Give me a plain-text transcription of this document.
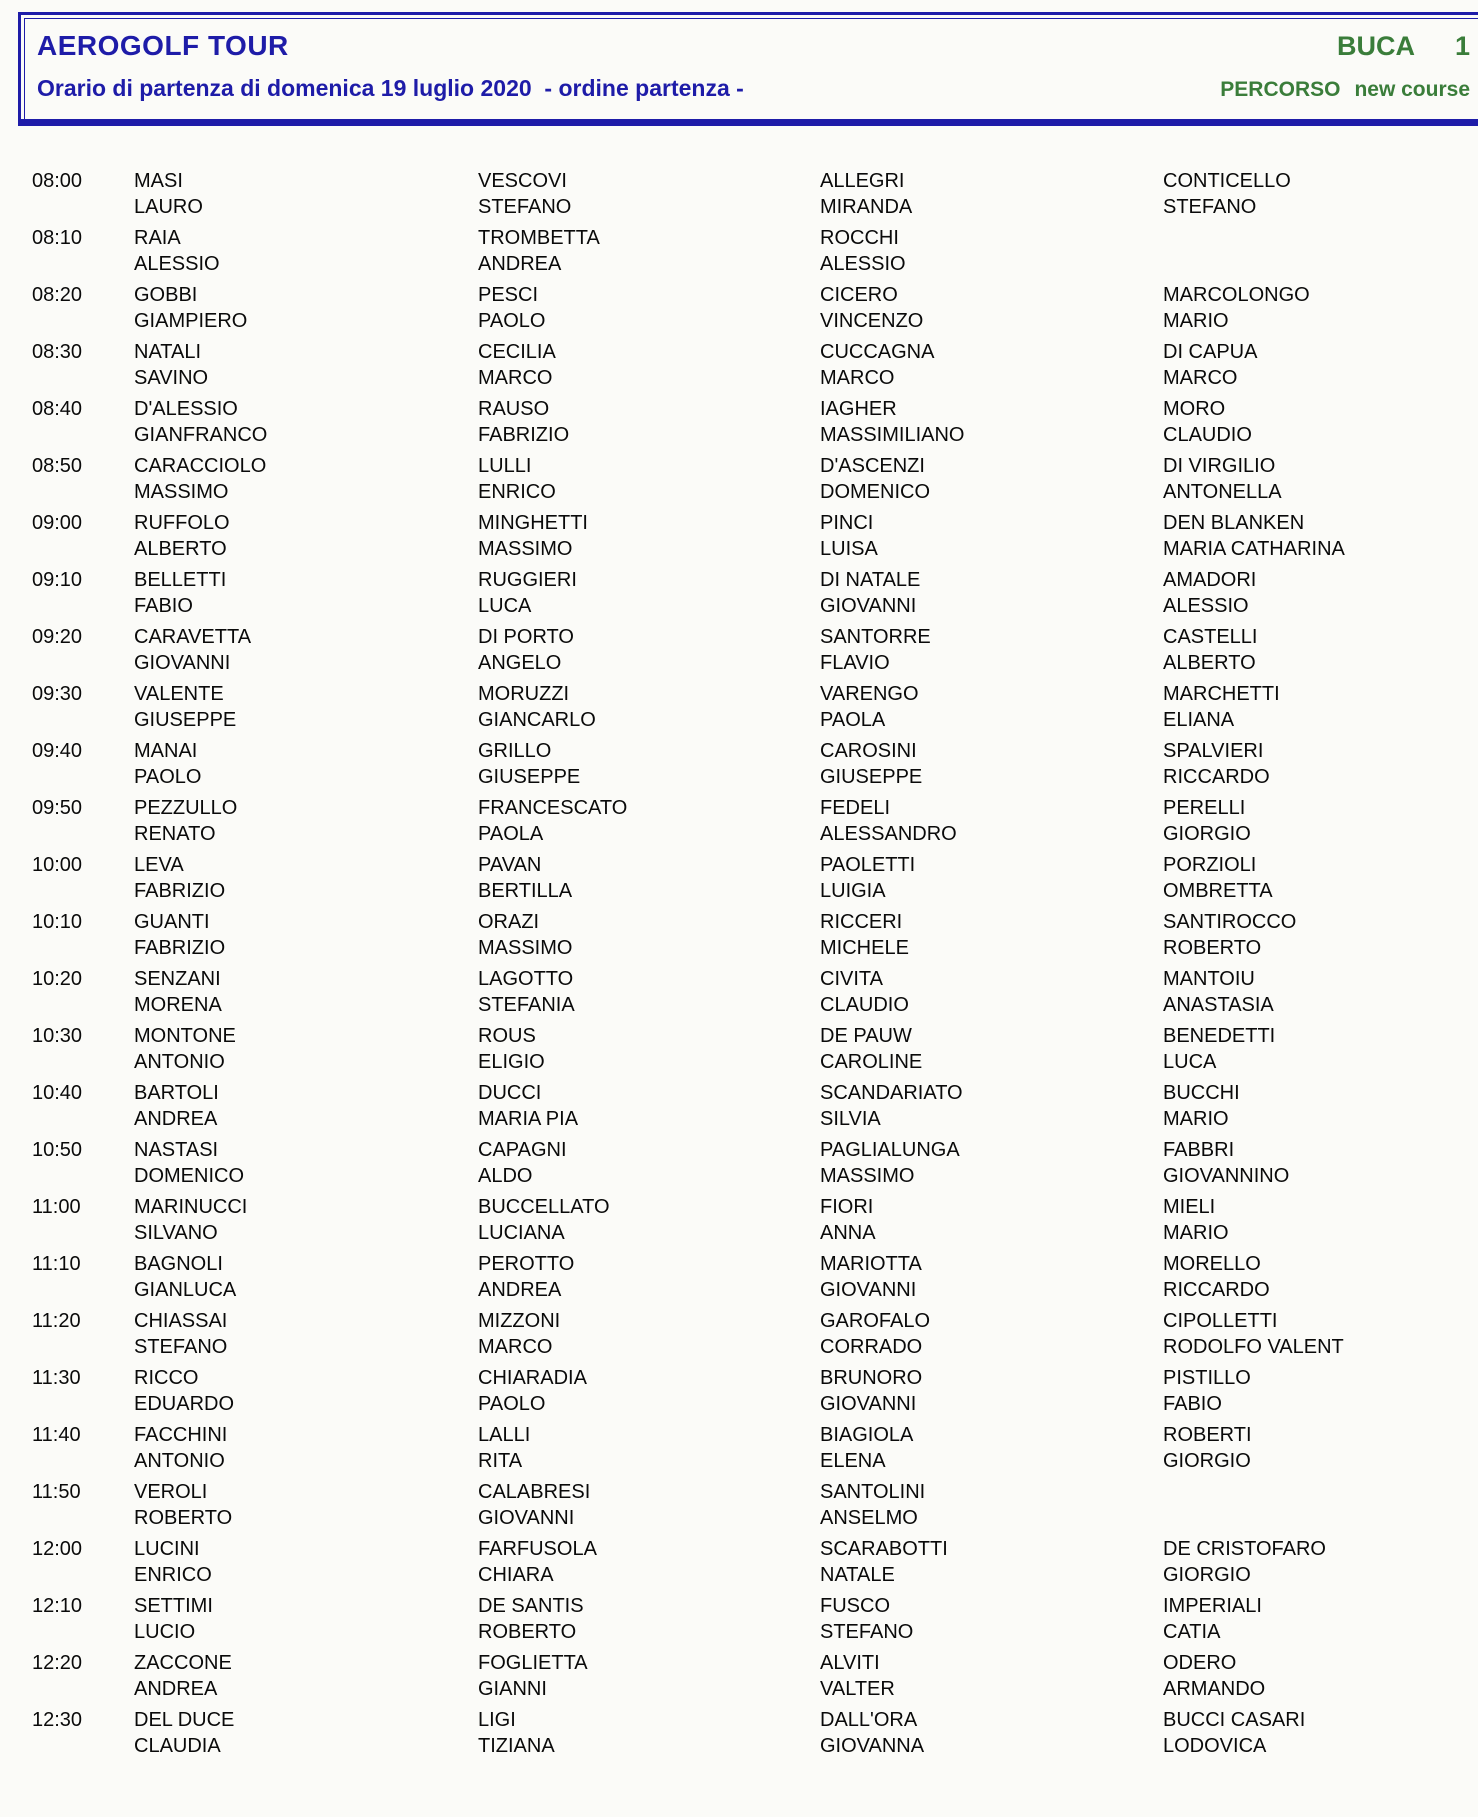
AEROGOLF TOUR	BUCA 1
Orario di partenza di domenica 19 luglio 2020  - ordine partenza -	PERCORSO new course
08:00	MASI
LAURO
VESCOVI
STEFANO
ALLEGRI
MIRANDA
CONTICELLO
STEFANO
08:10	RAIA
ALESSIO
TROMBETTA
ANDREA
ROCCHI
ALESSIO
08:20	GOBBI
GIAMPIERO
PESCI
PAOLO
CICERO
VINCENZO
MARCOLONGO
MARIO
08:30	NATALI
SAVINO
CECILIA
MARCO
CUCCAGNA
MARCO
DI CAPUA
MARCO
08:40	D'ALESSIO
GIANFRANCO
RAUSO
FABRIZIO
IAGHER
MASSIMILIANO
MORO
CLAUDIO
08:50	CARACCIOLO
MASSIMO
LULLI
ENRICO
D'ASCENZI
DOMENICO
DI VIRGILIO
ANTONELLA
09:00	RUFFOLO
ALBERTO
MINGHETTI
MASSIMO
PINCI
LUISA
DEN BLANKEN
MARIA CATHARINA
09:10	BELLETTI
FABIO
RUGGIERI
LUCA
DI NATALE
GIOVANNI
AMADORI
ALESSIO
09:20	CARAVETTA
GIOVANNI
DI PORTO
ANGELO
SANTORRE
FLAVIO
CASTELLI
ALBERTO
09:30	VALENTE
GIUSEPPE
MORUZZI
GIANCARLO
VARENGO
PAOLA
MARCHETTI
ELIANA
09:40	MANAI
PAOLO
GRILLO
GIUSEPPE
CAROSINI
GIUSEPPE
SPALVIERI
RICCARDO
09:50	PEZZULLO
RENATO
FRANCESCATO
PAOLA
FEDELI
ALESSANDRO
PERELLI
GIORGIO
10:00	LEVA
FABRIZIO
PAVAN
BERTILLA
PAOLETTI
LUIGIA
PORZIOLI
OMBRETTA
10:10	GUANTI
FABRIZIO
ORAZI
MASSIMO
RICCERI
MICHELE
SANTIROCCO
ROBERTO
10:20	SENZANI
MORENA
LAGOTTO
STEFANIA
CIVITA
CLAUDIO
MANTOIU
ANASTASIA
10:30	MONTONE
ANTONIO
ROUS
ELIGIO
DE PAUW
CAROLINE
BENEDETTI
LUCA
10:40	BARTOLI
ANDREA
DUCCI
MARIA PIA
SCANDARIATO
SILVIA
BUCCHI
MARIO
10:50	NASTASI
DOMENICO
CAPAGNI
ALDO
PAGLIALUNGA
MASSIMO
FABBRI
GIOVANNINO
11:00	MARINUCCI
SILVANO
BUCCELLATO
LUCIANA
FIORI
ANNA
MIELI
MARIO
11:10	BAGNOLI
GIANLUCA
PEROTTO
ANDREA
MARIOTTA
GIOVANNI
MORELLO
RICCARDO
11:20	CHIASSAI
STEFANO
MIZZONI
MARCO
GAROFALO
CORRADO
CIPOLLETTI
RODOLFO VALENT
11:30	RICCO
EDUARDO
CHIARADIA
PAOLO
BRUNORO
GIOVANNI
PISTILLO
FABIO
11:40	FACCHINI
ANTONIO
LALLI
RITA
BIAGIOLA
ELENA
ROBERTI
GIORGIO
11:50	VEROLI
ROBERTO
CALABRESI
GIOVANNI
SANTOLINI
ANSELMO
12:00	LUCINI
ENRICO
FARFUSOLA
CHIARA
SCARABOTTI
NATALE
DE CRISTOFARO
GIORGIO
12:10	SETTIMI
LUCIO
DE SANTIS
ROBERTO
FUSCO
STEFANO
IMPERIALI
CATIA
12:20	ZACCONE
ANDREA
FOGLIETTA
GIANNI
ALVITI
VALTER
ODERO
ARMANDO
12:30	DEL DUCE
CLAUDIA
LIGI
TIZIANA
DALL'ORA
GIOVANNA
BUCCI CASARI
LODOVICA
